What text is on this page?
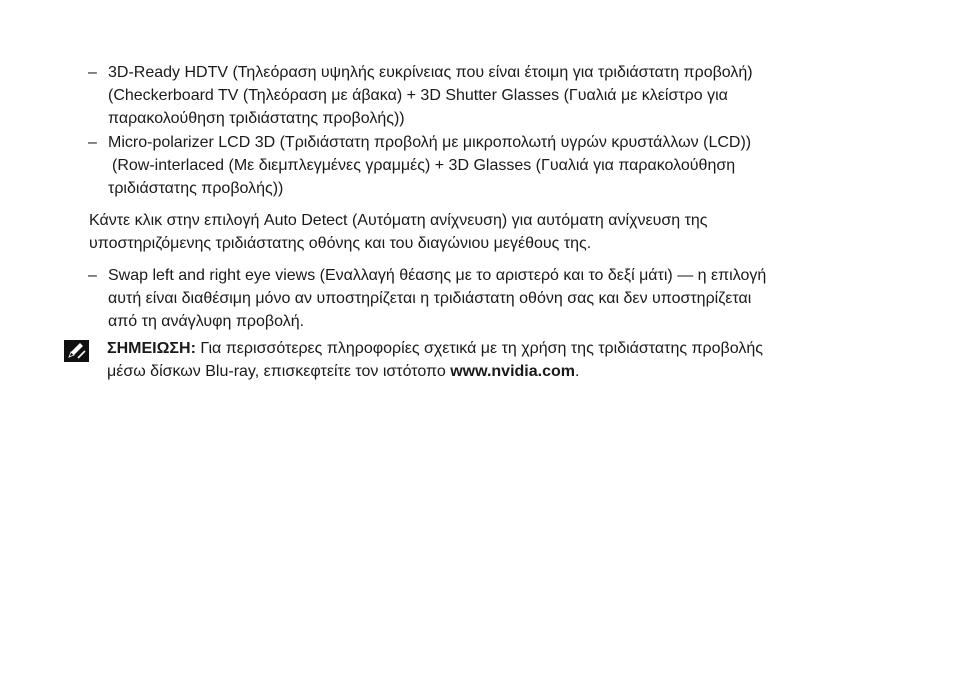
– 3D-Ready HDTV (Τηλεόραση υψηλής ευκρίνειας που είναι έτοιμη για τριδιάστατη προβολή)
(Checkerboard TV (Τηλεόραση με άβακα) + 3D Shutter Glasses (Γυαλιά με κλείστρο για
παρακολούθηση τριδιάστατης προβολής))
– Micro-polarizer LCD 3D (Τριδιάστατη προβολή με μικροπολωτή υγρών κρυστάλλων (LCD))
(Row-interlaced (Με διεμπλεγμένες γραμμές) + 3D Glasses (Γυαλιά για παρακολούθηση
τριδιάστατης προβολής))
Κάντε κλικ στην επιλογή Auto Detect (Αυτόματη ανίχνευση) για αυτόματη ανίχνευση της
υποστηριζόμενης τριδιάστατης οθόνης και του διαγώνιου μεγέθους της.
– Swap left and right eye views (Εναλλαγή θέασης με το αριστερό και το δεξί μάτι) — η επιλογή
αυτή είναι διαθέσιμη μόνο αν υποστηρίζεται η τριδιάστατη οθόνη σας και δεν υποστηρίζεται
από τη ανάγλυφη προβολή.
ΣΗΜΕΙΩΣΗ: Για περισσότερες πληροφορίες σχετικά με τη χρήση της τριδιάστατης προβολής
μέσω δίσκων Blu-ray, επισκεφτείτε τον ιστότοπο www.nvidia.com.
